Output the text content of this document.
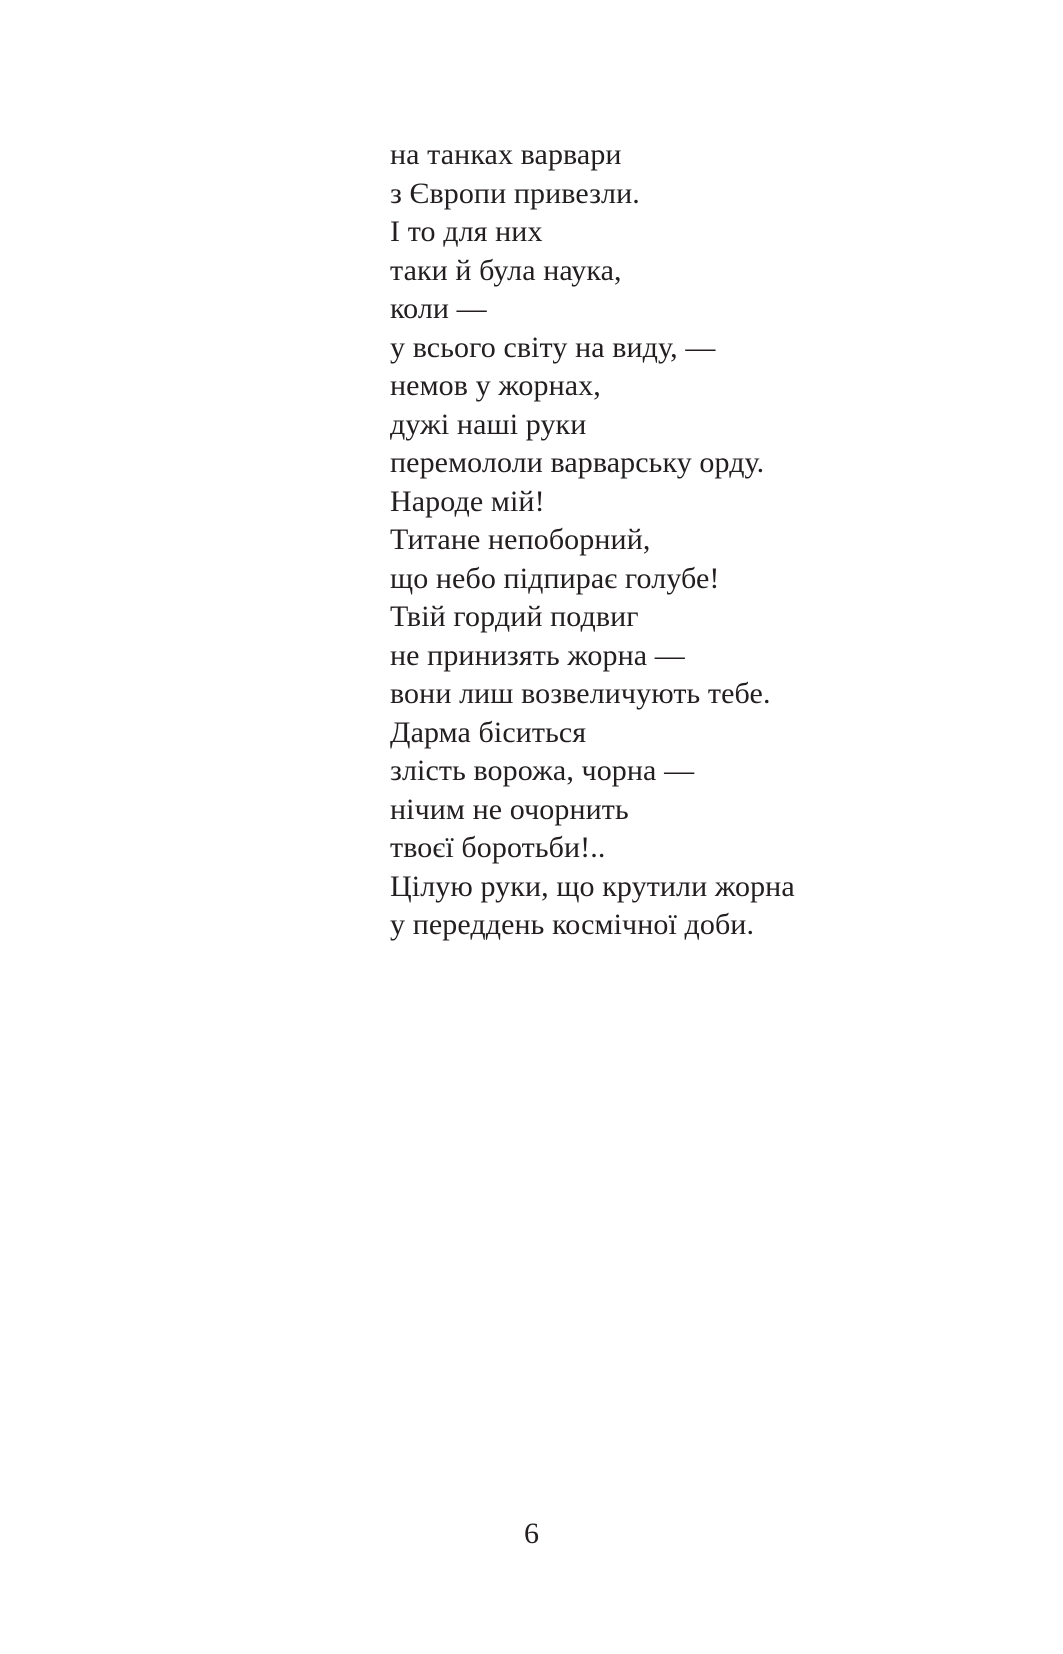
на танках варвари
з Європи привезли.
І то для них
таки й була наука,
коли —
у всього світу на виду, —
немов у жорнах,
дужі наші руки
перемололи варварську орду.
Народе мій!
Титане непоборний,
що небо підпирає голубе!
Твій гордий подвиг
не принизять жорна —
вони лиш возвеличують тебе.
Дарма біситься
злість ворожа, чорна —
нічим не очорнить
твоєї боротьби!..
Цілую руки, що крутили жорна
у переддень космічної доби.
6
